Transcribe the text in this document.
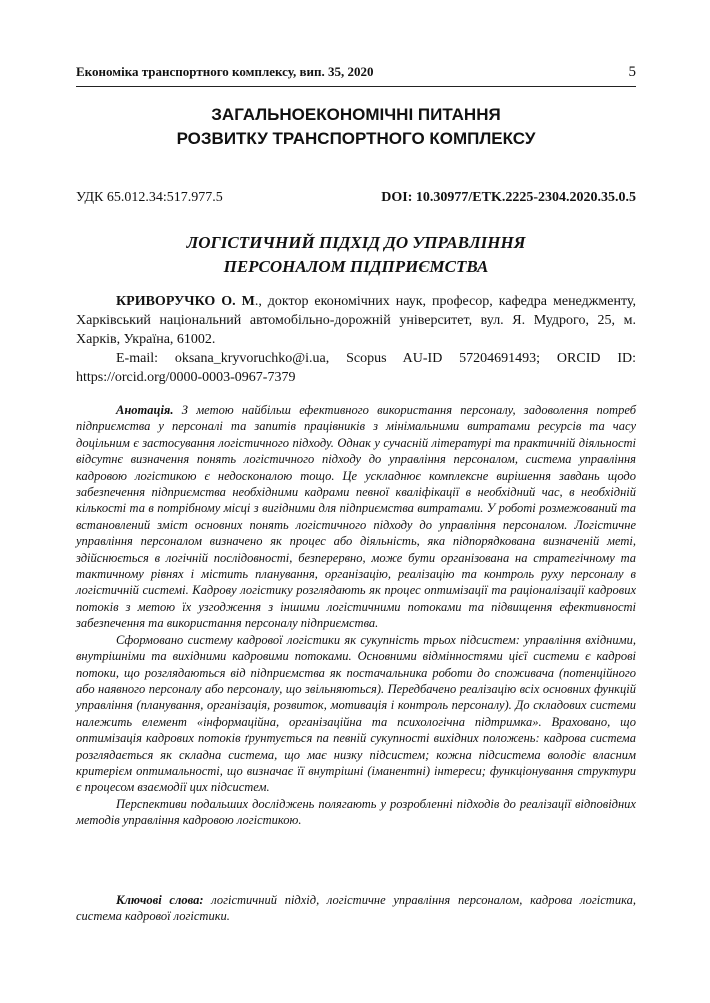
Економіка транспортного комплексу, вип. 35, 2020	5
ЗАГАЛЬНОЕКОНОМІЧНІ ПИТАННЯ
РОЗВИТКУ ТРАНСПОРТНОГО КОМПЛЕКСУ
УДК 65.012.34:517.977.5	DOI: 10.30977/ETK.2225-2304.2020.35.0.5
ЛОГІСТИЧНИЙ ПІДХІД ДО УПРАВЛІННЯ
ПЕРСОНАЛОМ ПІДПРИЄМСТВА

КРИВОРУЧКО О. М., доктор економічних наук, професор, кафедра менеджменту, Харківський національний автомобільно-дорожній університет, вул. Я. Мудрого, 25, м. Харків, Україна, 61002.

E-mail: oksana_kryvoruchko@i.ua, Scopus AU-ID 57204691493; ORCID ID: https://orcid.org/0000-0003-0967-7379

Анотація. З метою найбільш ефективного використання персоналу, задоволення потреб підприємства у персоналі та запитів працівників з мінімальними витратами ресурсів та часу доцільним є застосування логістичного підходу. Однак у сучасній літературі та практичній діяльності відсутнє визначення понять логістичного підходу до управління персоналом, система управління кадровою логістикою є недосконалою тощо. Це ускладнює комплексне вирішення завдань щодо забезпечення підприємства необхідними кадрами певної кваліфікації в необхідний час, в необхідній кількості та в потрібному місці з вигідними для підприємства витратами. У роботі розмежований та встановлений зміст основних понять логістичного підходу до управління персоналом. Логістичне управління персоналом визначено як процес або діяльність, яка підпорядкована визначеній меті, здійснюється в логічній послідовності, безперервно, може бути організована на стратегічному та тактичному рівнях і містить планування, організацію, реалізацію та контроль руху персоналу в логістичній системі. Кадрову логістику розглядають як процес оптимізації та раціоналізації кадрових потоків з метою їх узгодження з іншими логістичними потоками та підвищення ефективності забезпечення та використання персоналу підприємства.

Сформовано систему кадрової логістики як сукупність трьох підсистем: управління вхідними, внутрішніми та вихідними кадровими потоками. Основними відмінностями цієї системи є кадрові потоки, що розглядаються від підприємства як постачальника роботи до споживача (потенційного або наявного персоналу або персоналу, що звільняються). Передбачено реалізацію всіх основних функцій управління (планування, організація, розвиток, мотивація і контроль персоналу). До складових системи належить елемент «інформаційна, організаційна та психологічна підтримка». Враховано, що оптимізація кадрових потоків ґрунтується па певній сукупності вихідних положень: кадрова система розглядається як складна система, що має низку підсистем; кожна підсистема володіє власним критерієм оптимальності, що визначає її внутрішні (іманентні) інтереси; функціонування структури є процесом взаємодії цих підсистем.

Перспективи подальших досліджень полягають у розробленні підходів до реалізації відповідних методів управління кадровою логістикою.

Ключові слова: логістичний підхід, логістичне управління персоналом, кадрова логістика, система кадрової логістики.
